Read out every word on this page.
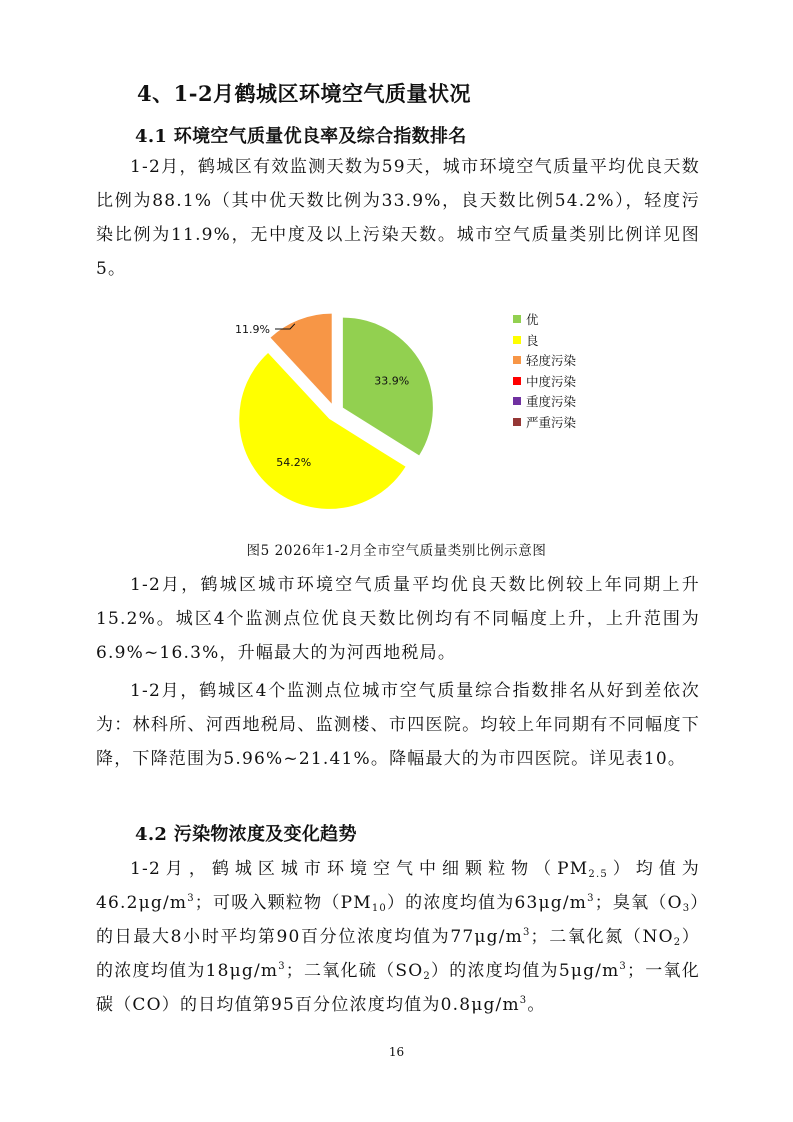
4、1-2月鹤城区环境空气质量状况
4.1 环境空气质量优良率及综合指数排名
1-2月，鹤城区有效监测天数为59天，城市环境空气质量平均优良天数比例为88.1%（其中优天数比例为33.9%，良天数比例54.2%），轻度污染比例为11.9%，无中度及以上污染天数。城市空气质量类别比例详见图5。
33.9%
54.2%
11.9%
优
良
轻度污染
中度污染
重度污染
严重污染
图5 2026年1-2月全市空气质量类别比例示意图
1-2月，鹤城区城市环境空气质量平均优良天数比例较上年同期上升15.2%。城区4个监测点位优良天数比例均有不同幅度上升，上升范围为6.9%~16.3%，升幅最大的为河西地税局。
1-2月，鹤城区4个监测点位城市空气质量综合指数排名从好到差依次为：林科所、河西地税局、监测楼、市四医院。均较上年同期有不同幅度下降，下降范围为5.96%~21.41%。降幅最大的为市四医院。详见表10。
4.2 污染物浓度及变化趋势
1-2月，鹤城区城市环境空气中细颗粒物$(PM_{2.5})$均值为$46.2\mu g/m^3$；可吸入颗粒物$(PM_{10})$的浓度均值为$63\mu g/m^3$；臭氧$(O_3)$的日最大8小时平均第90百分位浓度均值为$77\mu g/m^3$；二氧化氮$(NO_2)$的浓度均值为$18\mu g/m^3$；二氧化硫$(SO_2)$的浓度均值为$5\mu g/m^3$；一氧化碳（CO）的日均值第95百分位浓度均值为$0.8\mu g/m^3$。
16
